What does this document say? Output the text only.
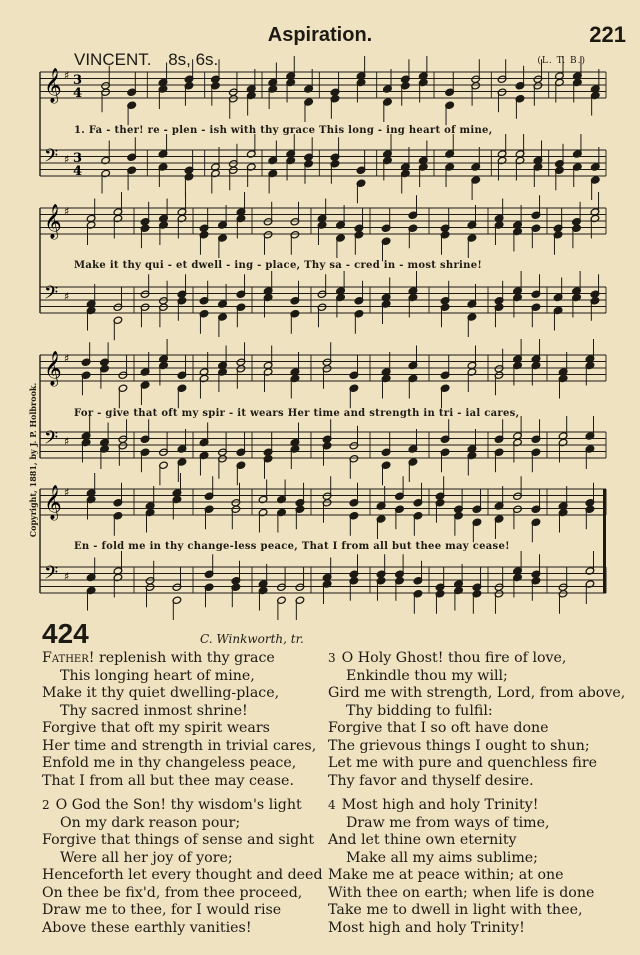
Aspiration.	221
VINCENT. 8s, 6s.	(L. T. B.)
Copyright, 1881, by J. P. Holbrook.
𝄞 ♯ 3
4
𝄢 ♯ 3
4
𝄞 ♯
𝄢 ♯
𝄞 ♯
𝄢 ♯
𝄞 ♯
𝄢 ♯
1. Fa - ther! re - plen - ish with thy grace This long - ing heart of mine,
Make it thy qui - et dwell - ing - place, Thy sa - cred in - most shrine!
For - give that oft my spir - it wears Her time and strength in tri - ial cares,
En - fold me in thy change-less peace, That I from all but thee may cease!
424	C. Winkworth, tr.
Father! replenish with thy grace
This longing heart of mine,
Make it thy quiet dwelling-place,
Thy sacred inmost shrine!
Forgive that oft my spirit wears
Her time and strength in trivial cares,
Enfold me in thy changeless peace,
That I from all but thee may cease.
2 O God the Son! thy wisdom's light
On my dark reason pour;
Forgive that things of sense and sight
Were all her joy of yore;
Henceforth let every thought and deed
On thee be fix'd, from thee proceed,
Draw me to thee, for I would rise
Above these earthly vanities!
3 O Holy Ghost! thou fire of love,
Enkindle thou my will;
Gird me with strength, Lord, from above,
Thy bidding to fulfil:
Forgive that I so oft have done
The grievous things I ought to shun;
Let me with pure and quenchless fire
Thy favor and thyself desire.
4 Most high and holy Trinity!
Draw me from ways of time,
And let thine own eternity
Make all my aims sublime;
Make me at peace within; at one
With thee on earth; when life is done
Take me to dwell in light with thee,
Most high and holy Trinity!
